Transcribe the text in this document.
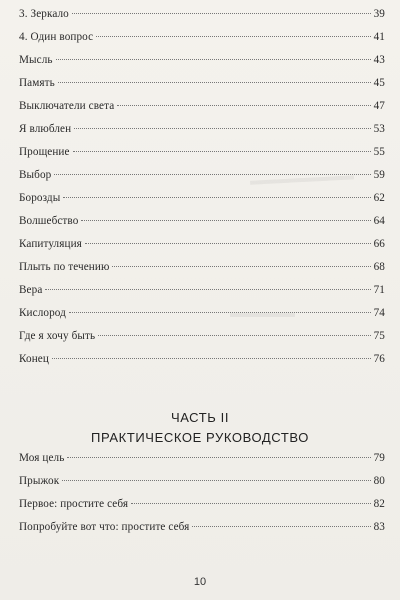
▬▬▬▬▬▬▬▬
▬▬▬▬▬
3. Зеркало	39
4. Один вопрос	41
Мысль	43
Память	45
Выключатели света	47
Я влюблен	53
Прощение	55
Выбор	59
Борозды	62
Волшебство	64
Капитуляция	66
Плыть по течению	68
Вера	71
Кислород	74
Где я хочу быть	75
Конец	76
ЧАСТЬ II
ПРАКТИЧЕСКОЕ РУКОВОДСТВО
Моя цель	79
Прыжок	80
Первое: простите себя	82
Попробуйте вот что: простите себя	83
10
